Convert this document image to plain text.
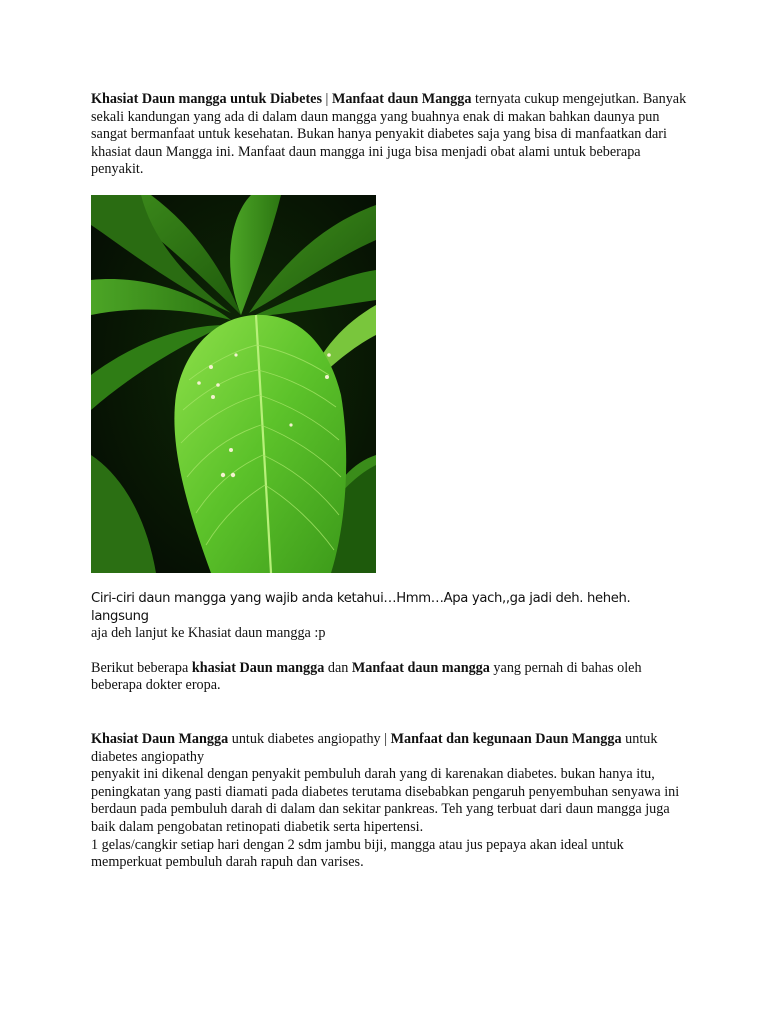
Khasiat Daun mangga untuk Diabetes | Manfaat daun Mangga ternyata cukup mengejutkan. Banyak sekali kandungan yang ada di dalam daun mangga yang buahnya enak di makan bahkan daunya pun sangat bermanfaat untuk kesehatan. Bukan hanya penyakit diabetes saja yang bisa di manfaatkan dari khasiat daun Mangga ini. Manfaat daun mangga ini juga bisa menjadi obat alami untuk beberapa penyakit.

Ciri-ciri daun mangga yang wajib anda ketahui…Hmm…Apa yach,,ga jadi deh. heheh. langsung
aja deh lanjut ke Khasiat daun mangga :p

Berikut beberapa khasiat Daun mangga dan Manfaat daun mangga yang pernah di bahas oleh beberapa dokter eropa.

Khasiat Daun Mangga untuk diabetes angiopathy | Manfaat dan kegunaan Daun Mangga untuk diabetes angiopathy

penyakit ini dikenal dengan penyakit pembuluh darah yang di karenakan diabetes. bukan hanya itu, peningkatan yang pasti diamati pada diabetes terutama disebabkan pengaruh penyembuhan senyawa ini berdaun pada pembuluh darah di dalam dan sekitar pankreas. Teh yang terbuat dari daun mangga juga baik dalam pengobatan retinopati diabetik serta hipertensi.

1 gelas/cangkir setiap hari dengan 2 sdm jambu biji, mangga atau jus pepaya akan ideal untuk memperkuat pembuluh darah rapuh dan varises.
